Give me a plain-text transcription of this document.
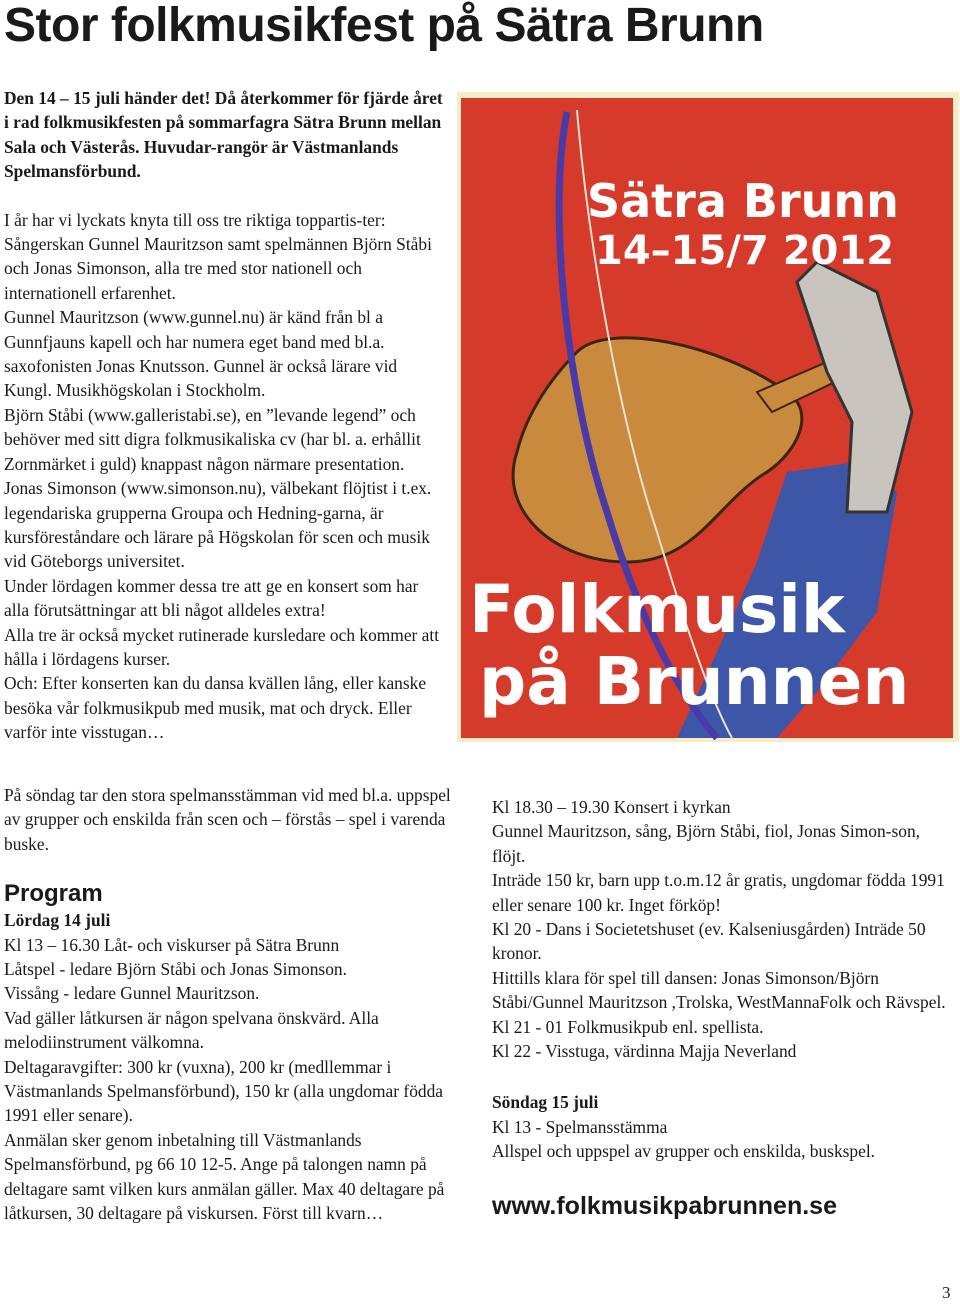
Stor folkmusikfest på Sätra Brunn

Den 14 – 15 juli händer det! Då återkommer för fjärde året i rad folkmusikfesten på sommarfagra Sätra Brunn mellan Sala och Västerås. Huvudar-rangör är Västmanlands Spelmansförbund.

I år har vi lyckats knyta till oss tre riktiga toppartis-ter: Sångerskan Gunnel Mauritzson samt spelmännen Björn Ståbi och Jonas Simonson, alla tre med stor nationell och internationell erfarenhet.

Gunnel Mauritzson (www.gunnel.nu) är känd från bl a Gunnfjauns kapell och har numera eget band med bl.a. saxofonisten Jonas Knutsson. Gunnel är också lärare vid Kungl. Musikhögskolan i Stockholm.

Björn Ståbi (www.galleristabi.se), en ”levande legend” och behöver med sitt digra folkmusikaliska cv (har bl. a. erhållit Zornmärket i guld) knappast någon närmare presentation.

Jonas Simonson (www.simonson.nu), välbekant flöjtist i t.ex. legendariska grupperna Groupa och Hedning-garna, är kursföreståndare och lärare på Högskolan för scen och musik vid Göteborgs universitet.

Under lördagen kommer dessa tre att ge en konsert som har alla förutsättningar att bli något alldeles extra!

Alla tre är också mycket rutinerade kursledare och kommer att hålla i lördagens kurser.

Och: Efter konserten kan du dansa kvällen lång, eller kanske besöka vår folkmusikpub med musik, mat och dryck. Eller varför inte visstugan…

Sätra Brunn
14–15/7 2012
Folkmusik
på Brunnen

På söndag tar den stora spelmansstämman vid med bl.a. uppspel av grupper och enskilda från scen och – förstås – spel i varenda buske.

Program

Lördag 14 juli

Kl 13 – 16.30 Låt- och viskurser på Sätra Brunn

Låtspel - ledare Björn Ståbi och Jonas Simonson.

Vissång - ledare Gunnel Mauritzson.

Vad gäller låtkursen är någon spelvana önskvärd. Alla melodiinstrument välkomna.

Deltagaravgifter: 300 kr (vuxna), 200 kr (medllemmar i Västmanlands Spelmansförbund), 150 kr (alla ungdomar födda 1991 eller senare).

Anmälan sker genom inbetalning till Västmanlands Spelmansförbund, pg 66 10 12-5. Ange på talongen namn på deltagare samt vilken kurs anmälan gäller. Max 40 deltagare på låtkursen, 30 deltagare på viskursen. Först till kvarn…

Kl 18.30 – 19.30 Konsert i kyrkan

Gunnel Mauritzson, sång, Björn Ståbi, fiol, Jonas Simon-son, flöjt.

Inträde 150 kr, barn upp t.o.m.12 år gratis, ungdomar födda 1991 eller senare 100 kr. Inget förköp!

Kl 20 - Dans i Societetshuset (ev. Kalseniusgården) Inträde 50 kronor.

Hittills klara för spel till dansen: Jonas Simonson/Björn Ståbi/Gunnel Mauritzson ,Trolska, WestMannaFolk och Rävspel.

Kl 21 - 01 Folkmusikpub enl. spellista.

Kl 22 - Visstuga, värdinna Majja Neverland

Söndag 15 juli

Kl 13 - Spelmansstämma

Allspel och uppspel av grupper och enskilda, buskspel.

www.folkmusikpabrunnen.se

3
